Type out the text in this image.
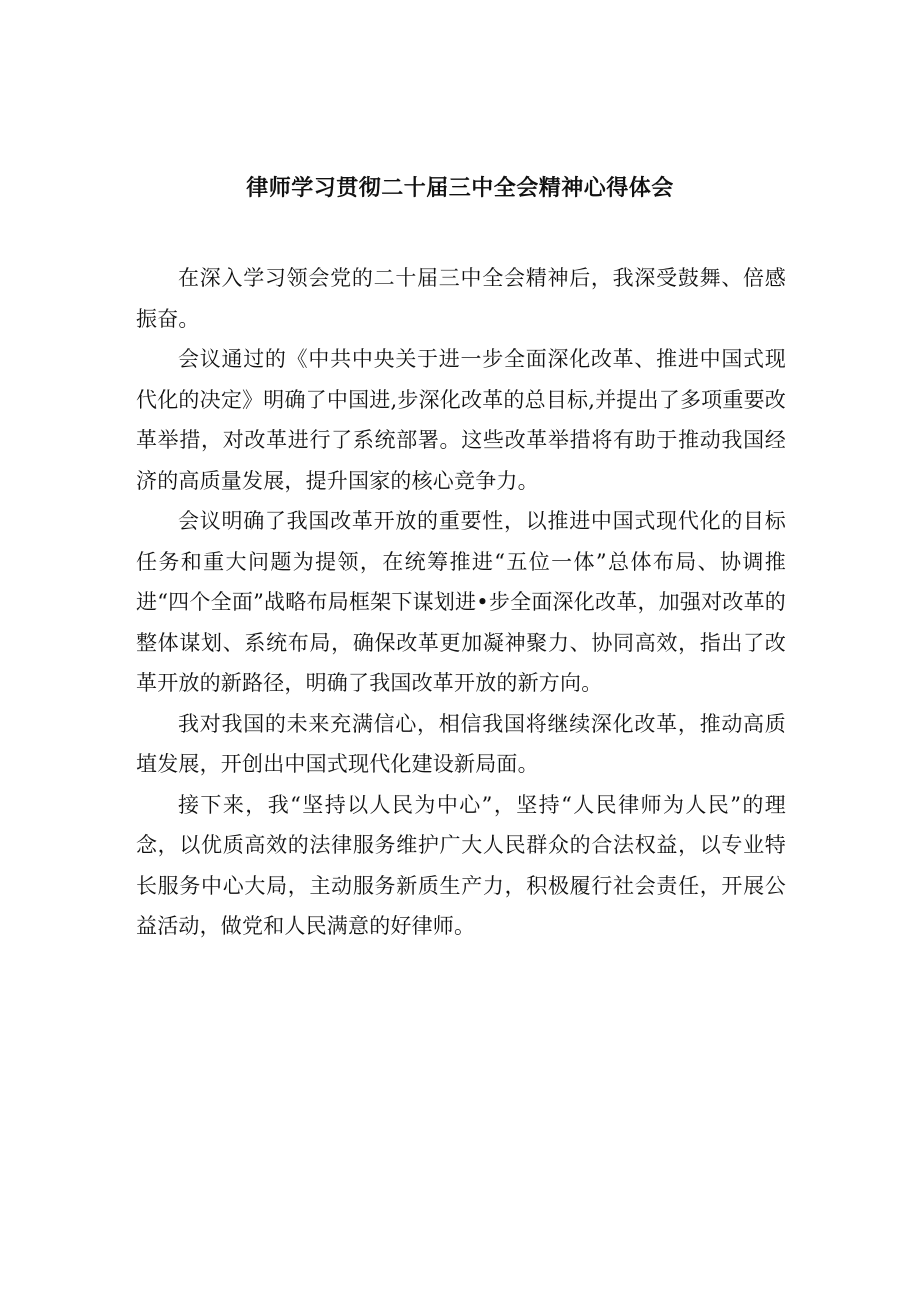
律师学习贯彻二十届三中全会精神心得体会

在深入学习领会党的二十届三中全会精神后，我深受鼓舞、倍感振奋。

会议通过的《中共中央关于进一步全面深化改革、推进中国式现代化的决定》明确了中国进,步深化改革的总目标,并提出了多项重要改革举措，对改革进行了系统部署。这些改革举措将有助于推动我国经济的高质量发展，提升国家的核心竞争力。

会议明确了我国改革开放的重要性，以推进中国式现代化的目标任务和重大问题为提领，在统筹推进“五位一体”总体布局、协调推进“四个全面”战略布局框架下谋划进•步全面深化改革，加强对改革的整体谋划、系统布局，确保改革更加凝神聚力、协同高效，指出了改革开放的新路径，明确了我国改革开放的新方向。

我对我国的未来充满信心，相信我国将继续深化改革，推动高质埴发展，开创出中国式现代化建设新局面。

接下来，我“坚持以人民为中心”，坚持“人民律师为人民”的理念，以优质高效的法律服务维护广大人民群众的合法权益，以专业特长服务中心大局，主动服务新质生产力，积极履行社会责任，开展公益活动，做党和人民满意的好律师。
